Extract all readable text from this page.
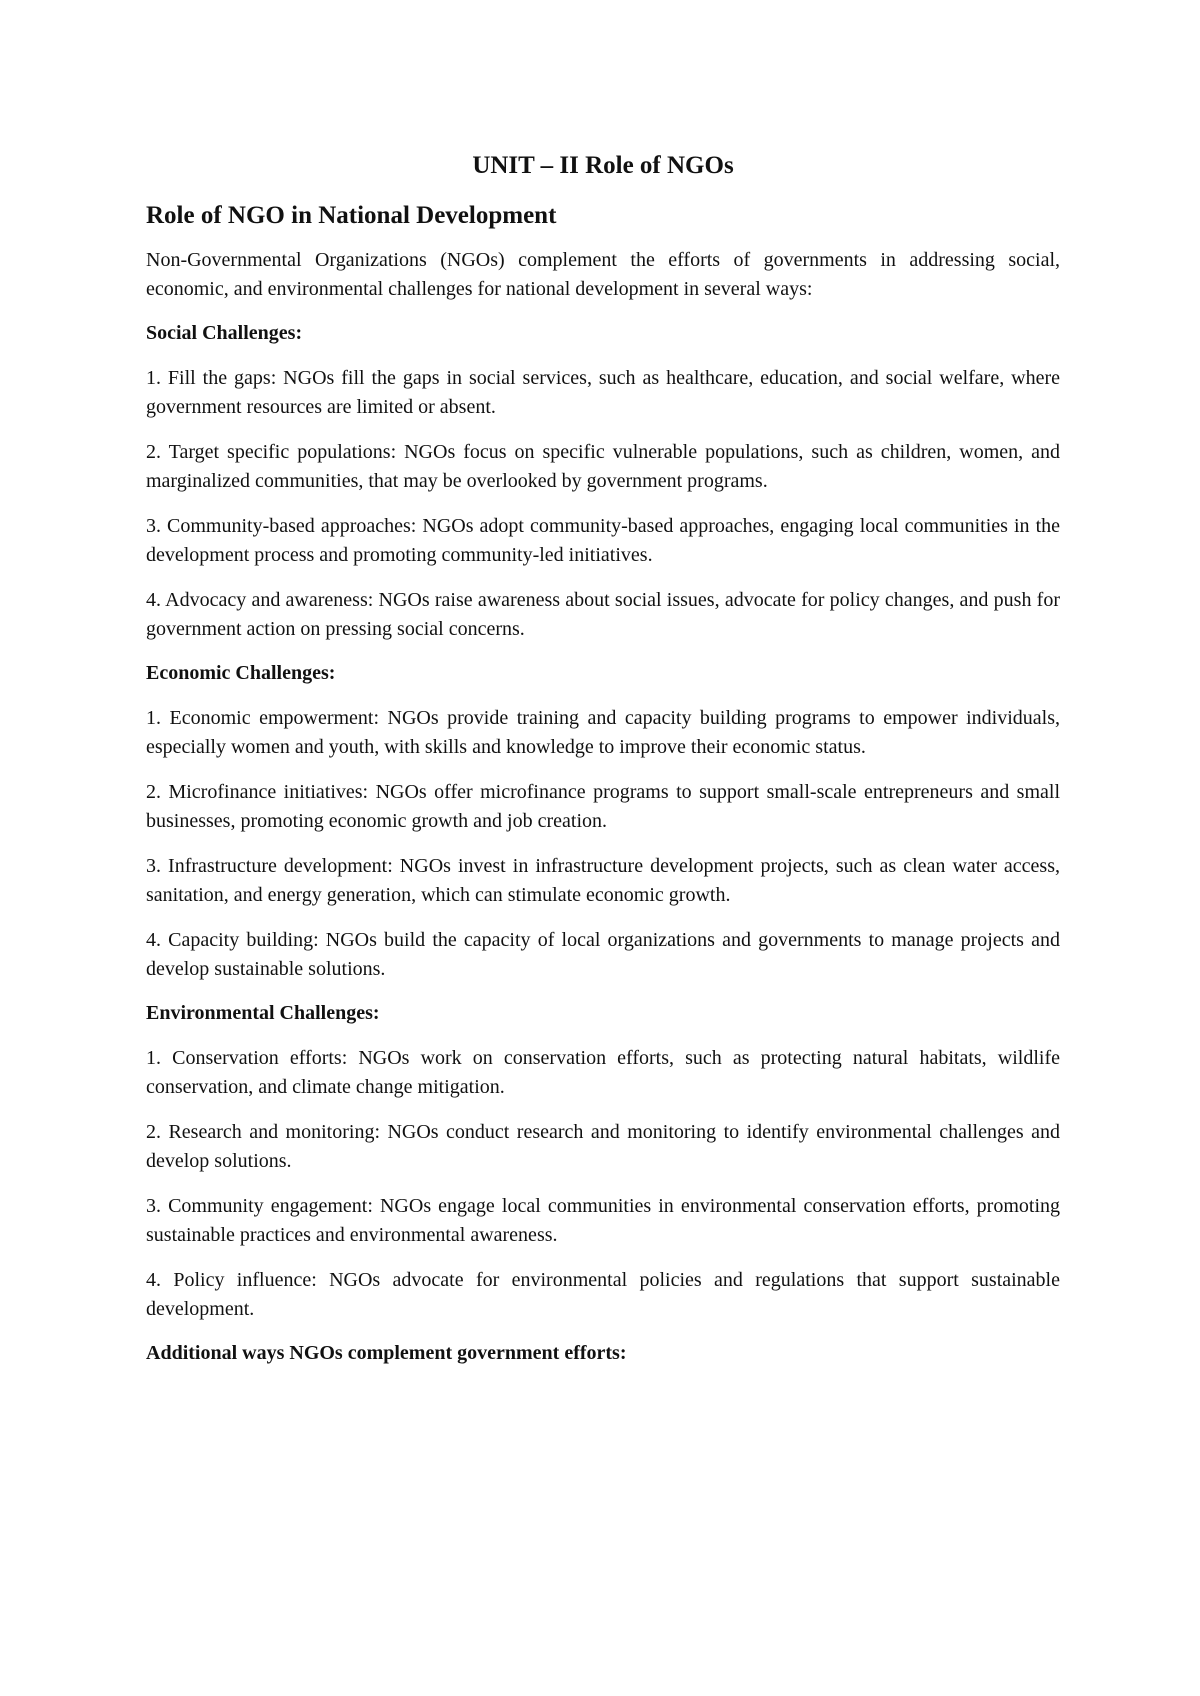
UNIT – II Role of NGOs
Role of NGO in National Development

Non-Governmental Organizations (NGOs) complement the efforts of governments in addressing social, economic, and environmental challenges for national development in several ways:

Social Challenges:

1. Fill the gaps: NGOs fill the gaps in social services, such as healthcare, education, and social welfare, where government resources are limited or absent.

2. Target specific populations: NGOs focus on specific vulnerable populations, such as children, women, and marginalized communities, that may be overlooked by government programs.

3. Community-based approaches: NGOs adopt community-based approaches, engaging local communities in the development process and promoting community-led initiatives.

4. Advocacy and awareness: NGOs raise awareness about social issues, advocate for policy changes, and push for government action on pressing social concerns.

Economic Challenges:

1. Economic empowerment: NGOs provide training and capacity building programs to empower individuals, especially women and youth, with skills and knowledge to improve their economic status.

2. Microfinance initiatives: NGOs offer microfinance programs to support small-scale entrepreneurs and small businesses, promoting economic growth and job creation.

3. Infrastructure development: NGOs invest in infrastructure development projects, such as clean water access, sanitation, and energy generation, which can stimulate economic growth.

4. Capacity building: NGOs build the capacity of local organizations and governments to manage projects and develop sustainable solutions.

Environmental Challenges:

1. Conservation efforts: NGOs work on conservation efforts, such as protecting natural habitats, wildlife conservation, and climate change mitigation.

2. Research and monitoring: NGOs conduct research and monitoring to identify environmental challenges and develop solutions.

3. Community engagement: NGOs engage local communities in environmental conservation efforts, promoting sustainable practices and environmental awareness.

4. Policy influence: NGOs advocate for environmental policies and regulations that support sustainable development.

Additional ways NGOs complement government efforts:
